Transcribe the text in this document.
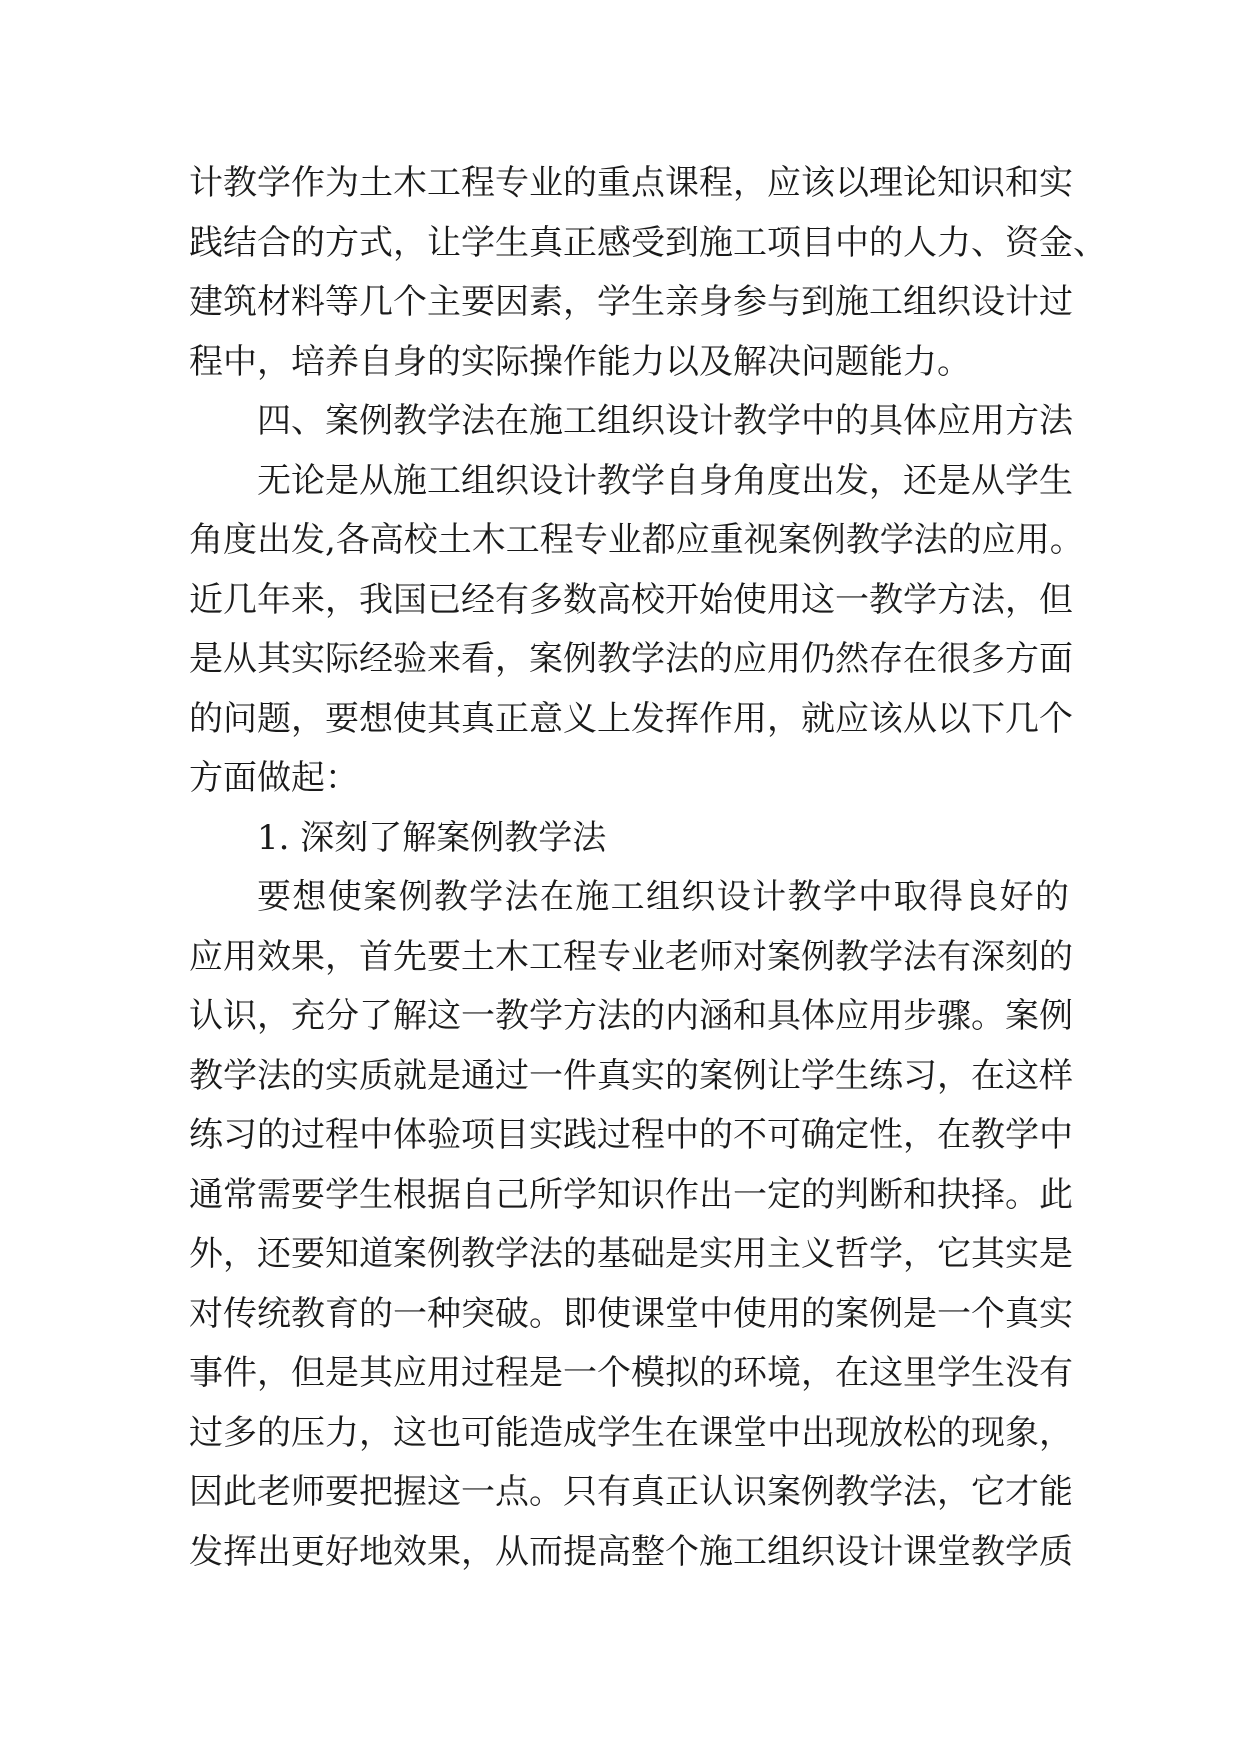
计教学作为土木工程专业的重点课程，应该以理论知识和实
践结合的方式，让学生真正感受到施工项目中的人力、资金、
建筑材料等几个主要因素，学生亲身参与到施工组织设计过
程中，培养自身的实际操作能力以及解决问题能力。
四、案例教学法在施工组织设计教学中的具体应用方法
无论是从施工组织设计教学自身角度出发，还是从学生
角度出发,各高校土木工程专业都应重视案例教学法的应用。
近几年来，我国已经有多数高校开始使用这一教学方法，但
是从其实际经验来看，案例教学法的应用仍然存在很多方面
的问题，要想使其真正意义上发挥作用，就应该从以下几个
方面做起：
1. 深刻了解案例教学法
要想使案例教学法在施工组织设计教学中取得良好的
应用效果，首先要土木工程专业老师对案例教学法有深刻的
认识，充分了解这一教学方法的内涵和具体应用步骤。案例
教学法的实质就是通过一件真实的案例让学生练习，在这样
练习的过程中体验项目实践过程中的不可确定性，在教学中
通常需要学生根据自己所学知识作出一定的判断和抉择。此
外，还要知道案例教学法的基础是实用主义哲学，它其实是
对传统教育的一种突破。即使课堂中使用的案例是一个真实
事件，但是其应用过程是一个模拟的环境，在这里学生没有
过多的压力，这也可能造成学生在课堂中出现放松的现象，
因此老师要把握这一点。只有真正认识案例教学法，它才能
发挥出更好地效果，从而提高整个施工组织设计课堂教学质
